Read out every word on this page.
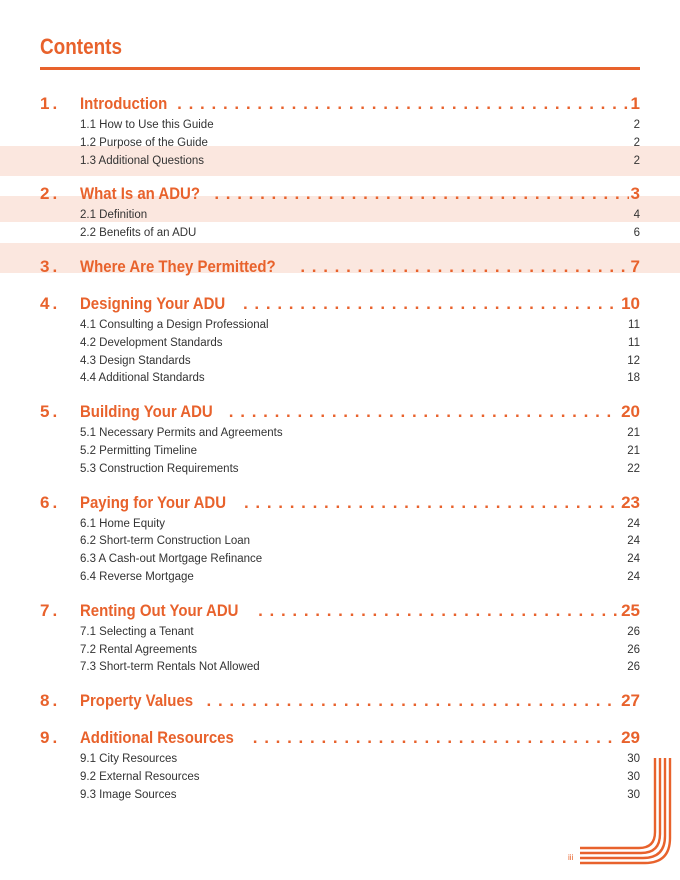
Contents
1.	Introduction . . .	1
1.1 How to Use this Guide	2
1.2 Purpose of the Guide	2
1.3 Additional Questions	2
2.	What Is an ADU? . . .	3
2.1 Definition	4
2.2 Benefits of an ADU	6
3.	Where Are They Permitted? . . .	7
4.	Designing Your ADU . . .	10
4.1 Consulting a Design Professional	11
4.2 Development Standards	11
4.3 Design Standards	12
4.4 Additional Standards	18
5.	Building Your ADU . . .	20
5.1 Necessary Permits and Agreements	21
5.2 Permitting Timeline	21
5.3 Construction Requirements	22
6.	Paying for Your ADU . . .	23
6.1 Home Equity	24
6.2 Short-term Construction Loan	24
6.3 A Cash-out Mortgage Refinance	24
6.4 Reverse Mortgage	24
7.	Renting Out Your ADU . . .	25
7.1 Selecting a Tenant	26
7.2 Rental Agreements	26
7.3 Short-term Rentals Not Allowed	26
8.	Property Values . . .	27
9.	Additional Resources . . .	29
9.1 City Resources	30
9.2 External Resources	30
9.3 Image Sources	30
iii
